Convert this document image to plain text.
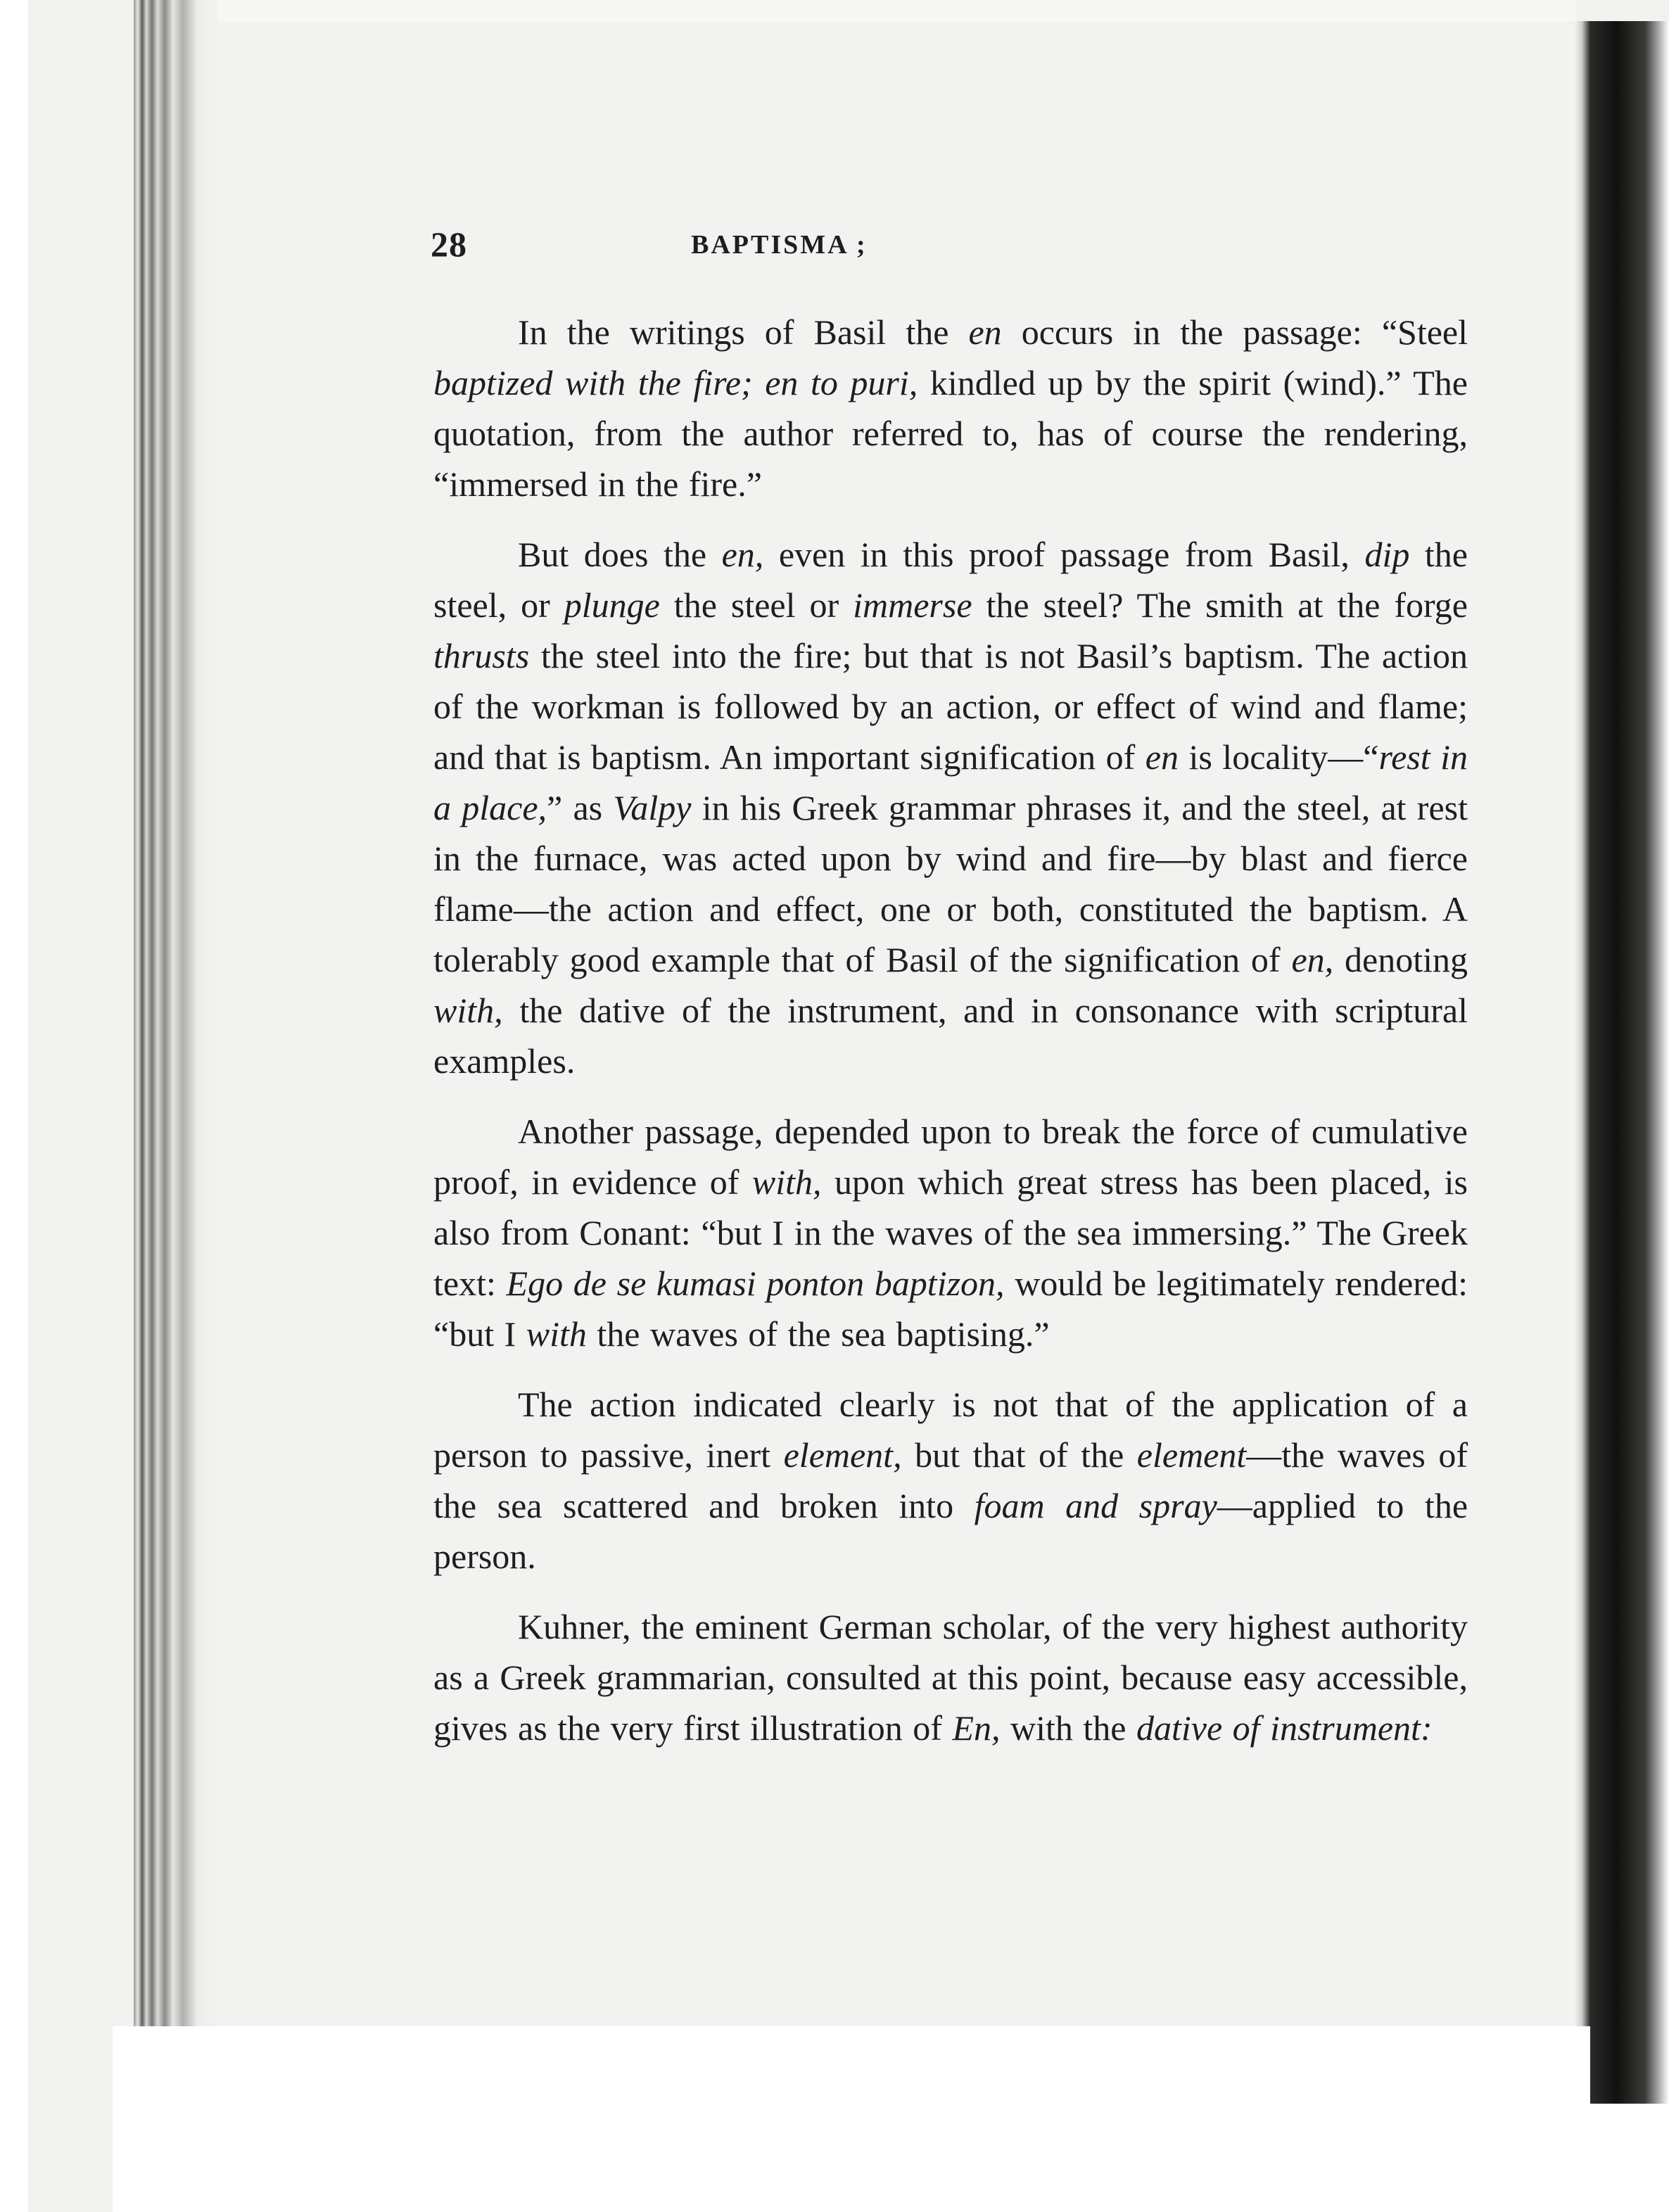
28	BAPTISMA ;

In the writings of Basil the en occurs in the passage: “Steel baptized with the fire; en to puri, kindled up by the spirit (wind).” The quotation, from the author referred to, has of course the rendering, “immersed in the fire.”

But does the en, even in this proof passage from Basil, dip the steel, or plunge the steel or immerse the steel? The smith at the forge thrusts the steel into the fire; but that is not Basil’s baptism. The action of the workman is followed by an action, or effect of wind and flame; and that is baptism. An important signification of en is locality—“rest in a place,” as Valpy in his Greek grammar phrases it, and the steel, at rest in the furnace, was acted upon by wind and fire—by blast and fierce flame—the action and effect, one or both, constituted the baptism. A tolerably good example that of Basil of the signification of en, denoting with, the dative of the instrument, and in consonance with scriptural examples.

Another passage, depended upon to break the force of cumulative proof, in evidence of with, upon which great stress has been placed, is also from Conant: “but I in the waves of the sea immersing.” The Greek text: Ego de se kumasi ponton baptizon, would be legitimately rendered: “but I with the waves of the sea baptising.”

The action indicated clearly is not that of the application of a person to passive, inert element, but that of the element—the waves of the sea scattered and broken into foam and spray—applied to the person.

Kuhner, the eminent German scholar, of the very highest authority as a Greek grammarian, consulted at this point, because easy accessible, gives as the very first illustration of En, with the dative of instrument:
